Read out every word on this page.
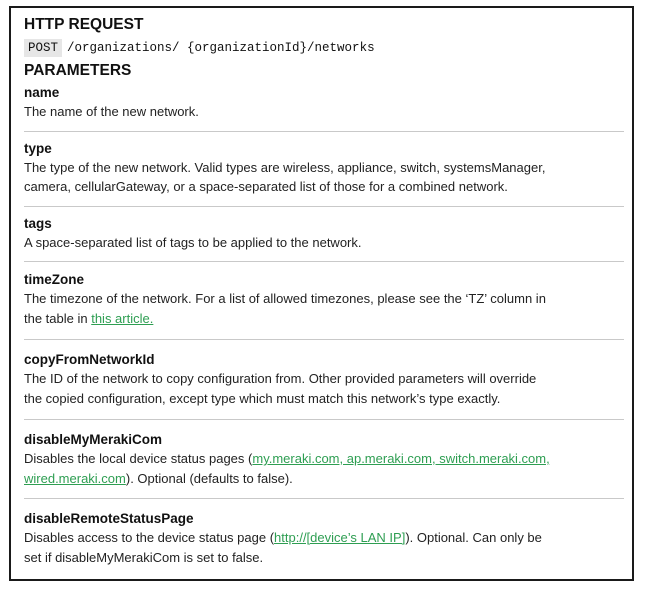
HTTP REQUEST
POST /organizations/ {organizationId}/networks
PARAMETERS
name
The name of the new network.
type
The type of the new network. Valid types are wireless, appliance, switch, systemsManager,
camera, cellularGateway, or a space-separated list of those for a combined network.
tags
A space-separated list of tags to be applied to the network.
timeZone
The timezone of the network. For a list of allowed timezones, please see the ‘TZ’ column in
the table in this article.
copyFromNetworkId
The ID of the network to copy configuration from. Other provided parameters will override
the copied configuration, except type which must match this network’s type exactly.
disableMyMerakiCom
Disables the local device status pages (my.meraki.com, ap.meraki.com, switch.meraki.com,
wired.meraki.com). Optional (defaults to false).
disableRemoteStatusPage
Disables access to the device status page (http://[device’s LAN IP]). Optional. Can only be
set if disableMyMerakiCom is set to false.
